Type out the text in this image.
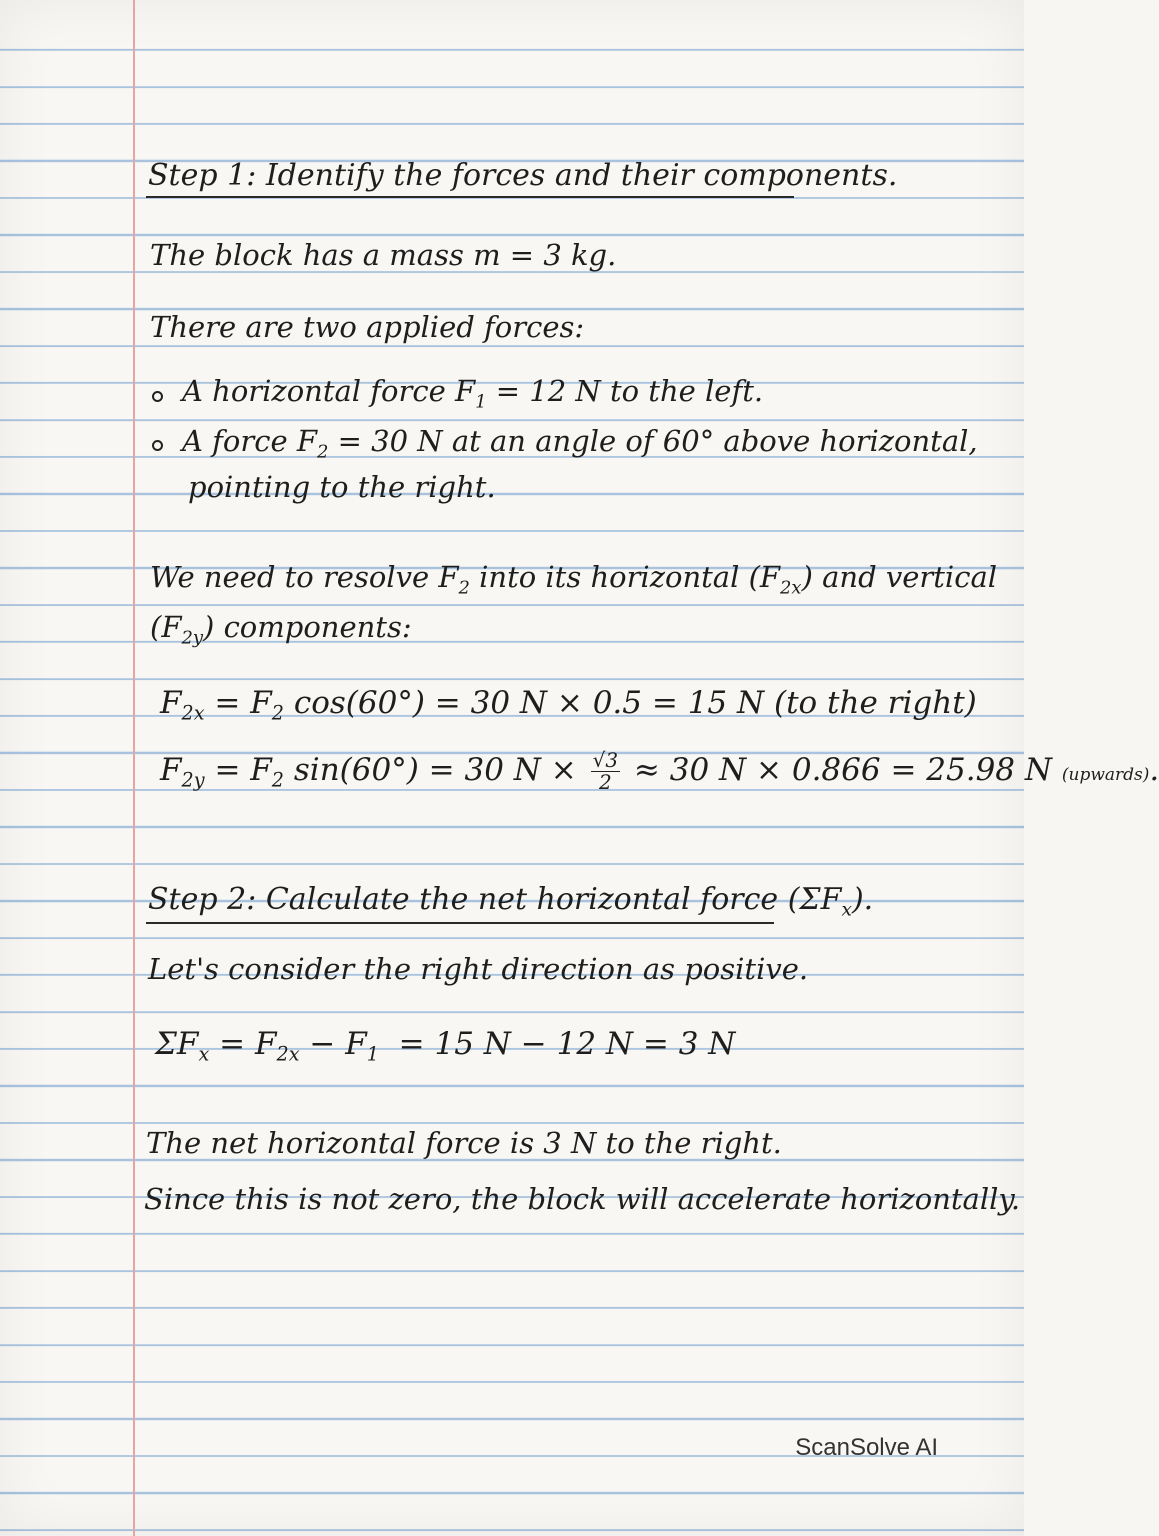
Step 1: Identify the forces and their components.
The block has a mass m = 3 kg.
There are two applied forces:
A horizontal force $F_1 = 12$ N to the left.
A force $F_2 = 30$ N at an angle of 60° above horizontal,
pointing to the right.
We need to resolve $F_2$ into its horizontal $(F_{2x})$ and vertical
$(F_{2y})$ components:
$F_{2x} = F_2$ cos(60°) = 30 N × 0.5 = 15 N (to the right)
$F_{2y} = F_2$ sin(60°) = 30 $N \times \frac{√3}{2} \approx 30$ N × 0.866 = 25.98 N (upwards).
Step 2: Calculate the net horizontal force $(\Sigma F_x)$.
Let's consider the right direction as positive.
$\Sigma F_x = F_{2x} - F_1 = 15$ N − 12 N = 3 N
The net horizontal force is 3 N to the right.
Since this is not zero, the block will accelerate horizontally.
ScanSolve AI
